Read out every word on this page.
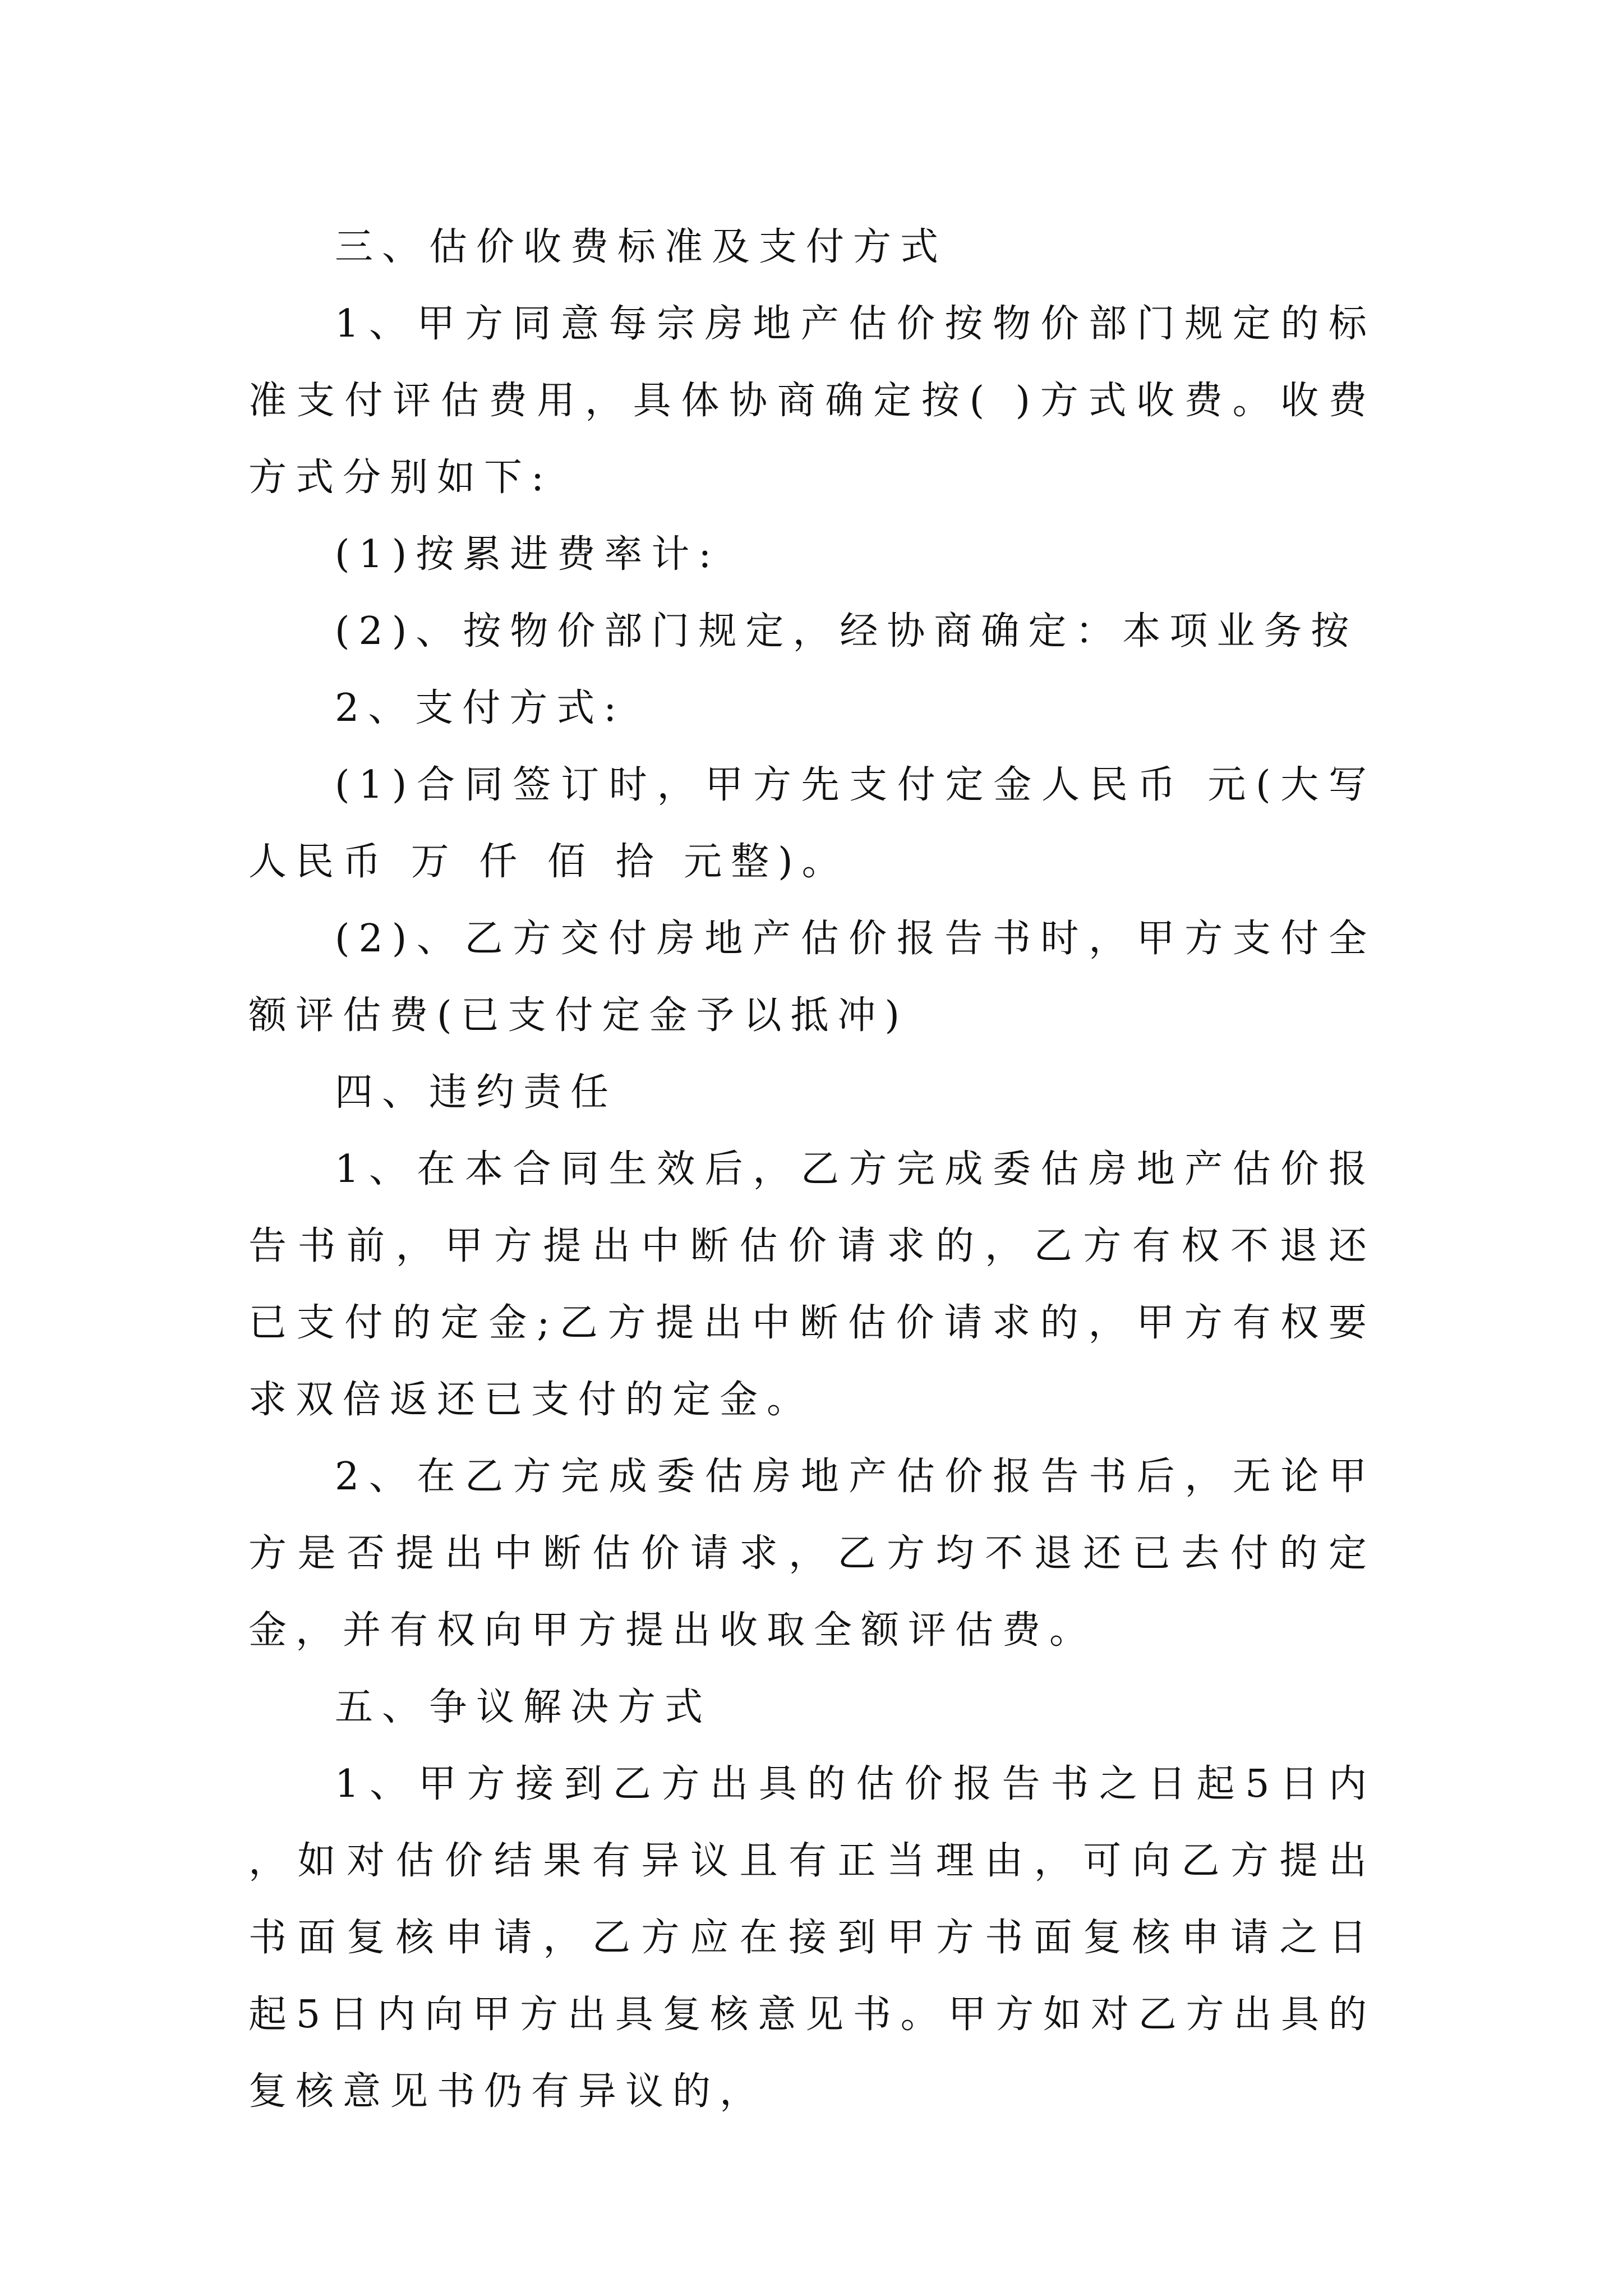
三、估价收费标准及支付方式

1、甲方同意每宗房地产估价按物价部门规定的标准支付评估费用，具体协商确定按( )方式收费。收费方式分别如下:

(1)按累进费率计:

(2)、按物价部门规定，经协商确定：本项业务按

2、支付方式:

(1)合同签订时，甲方先支付定金人民币 元(大写人民币 万 仟 佰 拾 元整)。

(2)、乙方交付房地产估价报告书时，甲方支付全额评估费(已支付定金予以抵冲)

四、违约责任

1、在本合同生效后，乙方完成委估房地产估价报告书前，甲方提出中断估价请求的，乙方有权不退还已支付的定金;乙方提出中断估价请求的，甲方有权要求双倍返还已支付的定金。

2、在乙方完成委估房地产估价报告书后，无论甲方是否提出中断估价请求，乙方均不退还已去付的定金，并有权向甲方提出收取全额评估费。

五、争议解决方式

1、甲方接到乙方出具的估价报告书之日起5日内，如对估价结果有异议且有正当理由，可向乙方提出书面复核申请，乙方应在接到甲方书面复核申请之日起5日内向甲方出具复核意见书。甲方如对乙方出具的复核意见书仍有异议的，
